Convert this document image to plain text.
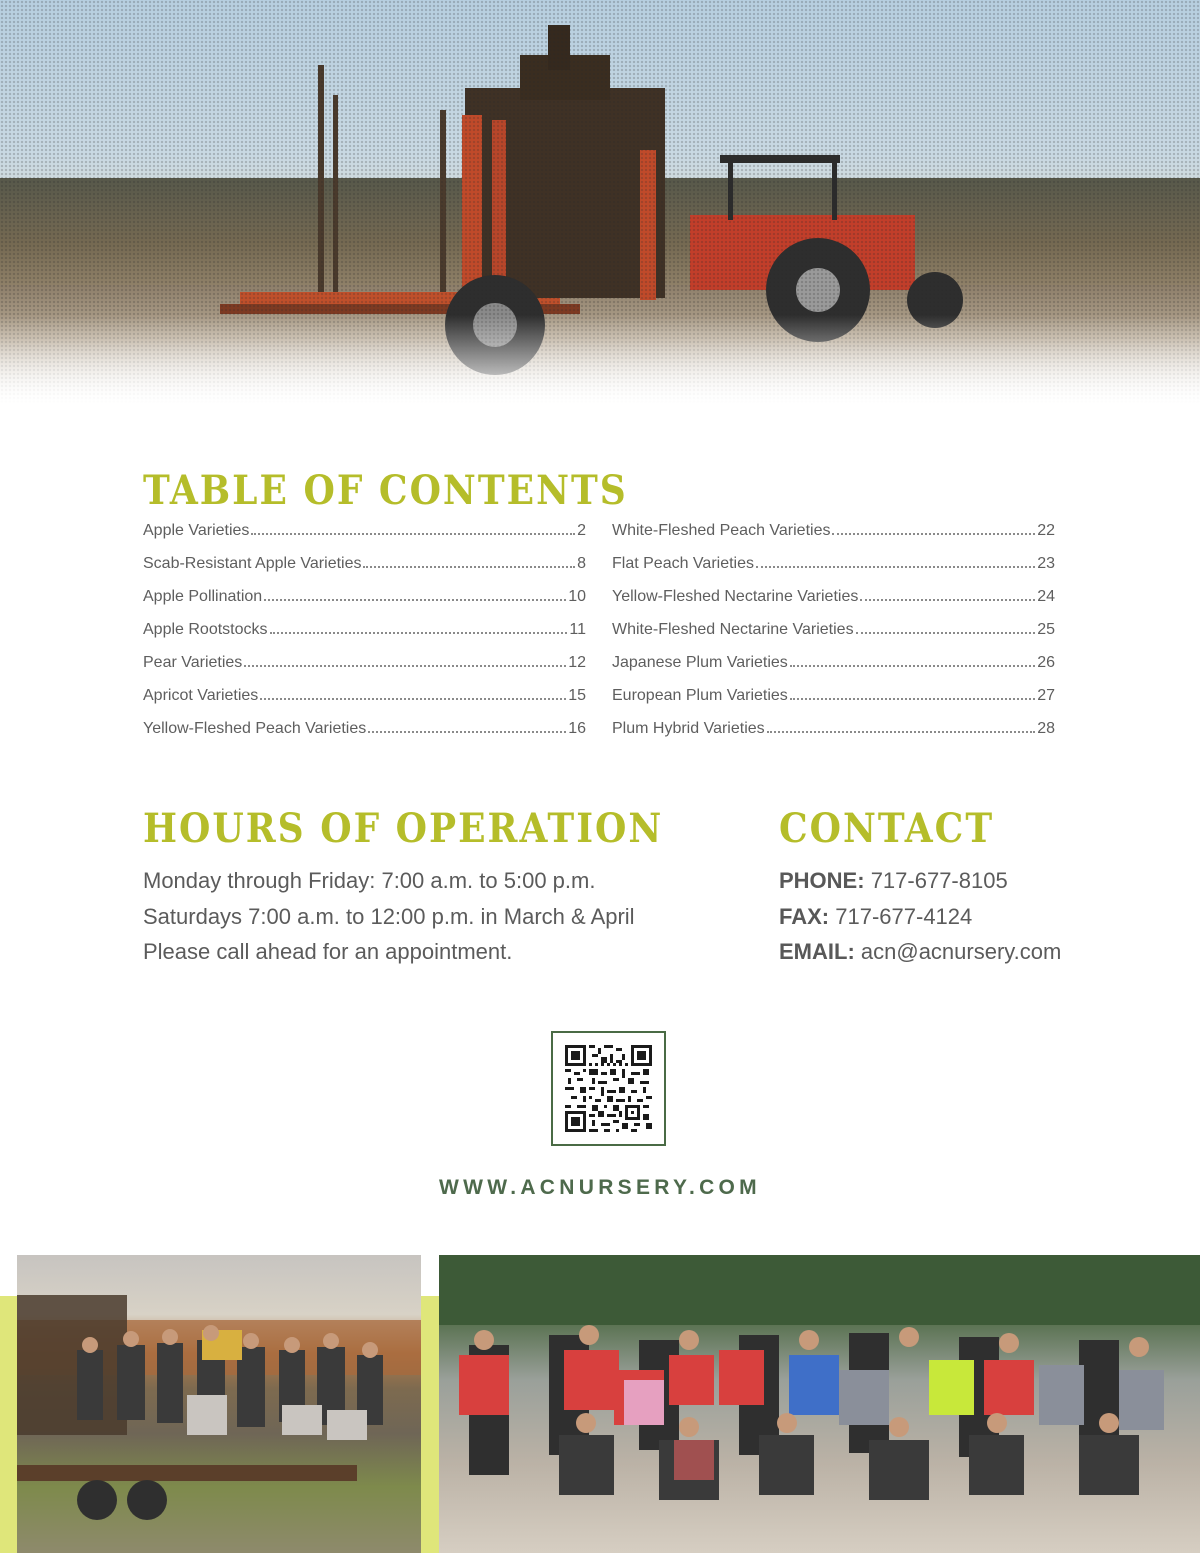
TABLE OF CONTENTS
Apple Varieties	2
Scab-Resistant Apple Varieties	8
Apple Pollination	10
Apple Rootstocks	11
Pear Varieties	12
Apricot Varieties	15
Yellow-Fleshed Peach Varieties	16
White-Fleshed Peach Varieties	22
Flat Peach Varieties	23
Yellow-Fleshed Nectarine Varieties	24
White-Fleshed Nectarine Varieties	25
Japanese Plum Varieties	26
European Plum Varieties	27
Plum Hybrid Varieties	28
HOURS OF OPERATION
Monday through Friday: 7:00 a.m. to 5:00 p.m.
Saturdays 7:00 a.m. to 12:00 p.m. in March & April
Please call ahead for an appointment.
CONTACT
PHONE: 717-677-8105
FAX: 717-677-4124
EMAIL: acn@acnursery.com
WWW.ACNURSERY.COM
